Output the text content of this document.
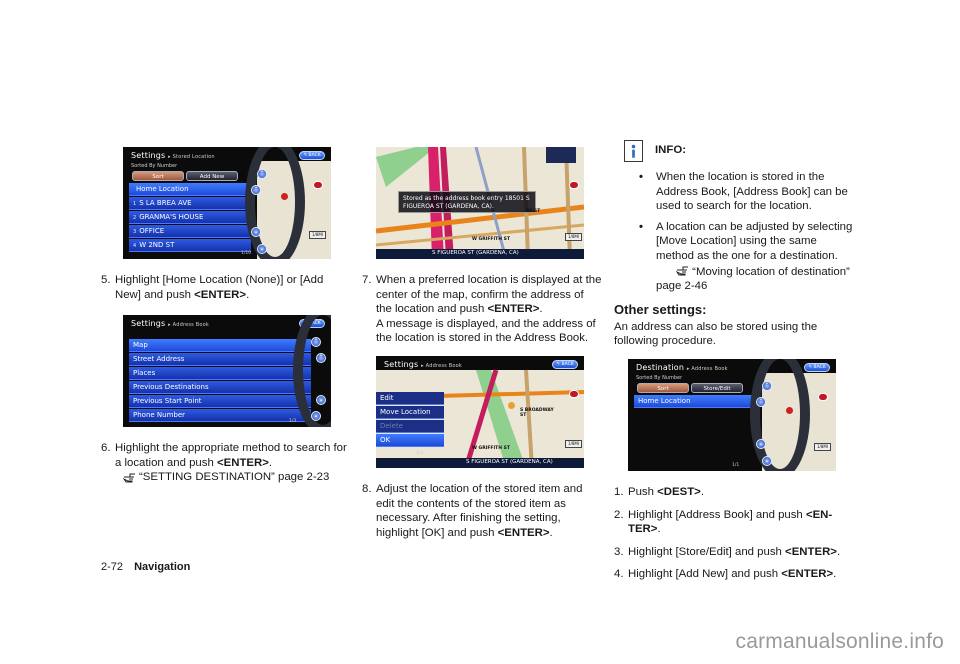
Settings ▸ Stored Location	↰ BACK
Sorted By Number
Sort	Add New
Home Location
1 S LA BREA AVE
2 GRANMA'S HOUSE
3 OFFICE
4 W 2ND ST
1/10
⌃
⌃
⌄
⌄
1/8MI
5. Highlight [Home Location (None)] or [Add New] and push <ENTER>.
Settings ▸ Address Book	↰ BACK
Map
Street Address
Places
Previous Destinations
Previous Start Point
Phone Number
⌃
⌃
⌄
⌄
1/3
6. Highlight the appropriate method to search for a location and push <ENTER>.
“SETTING DESTINATION” page 2-23
Stored as the address book entry 18501 S FIGUEROA ST (GARDENA, CA).
W GRIFFITH ST
AY ST
S FIGUEROA ST (GARDENA, CA)
1/8MI
7. When a preferred location is displayed at the center of the map, confirm the address of the location and push <ENTER>.
A message is displayed, and the address of the location is stored in the Address Book.
Settings ▸ Address Book	↰ BACK
Edit
Move Location
Delete
OK
4/4
W GRIFFITH ST
S BROADWAY ST
S FIGUEROA ST (GARDENA, CA)
1/8MI
8. Adjust the location of the stored item and edit the contents of the stored item as necessary. After finishing the setting, highlight [OK] and push <ENTER>.
INFO:
• When the location is stored in the Address Book, [Address Book] can be used to search for the location.
• A location can be adjusted by selecting [Move Location] using the same method as the one for a destination.
“Moving location of destination” page 2-46
Other settings:
An address can also be stored using the following procedure.
Destination ▸ Address Book	↰ BACK
Sorted By Number
Sort	Store/Edit
Home Location
1/1
⌃
⌃
⌄
⌄
1/8MI
1. Push <DEST>.
2. Highlight [Address Book] and push <EN- TER>.
3. Highlight [Store/Edit] and push <ENTER>.
4. Highlight [Add New] and push <ENTER>.
2-72 Navigation
carmanualsonline.info
